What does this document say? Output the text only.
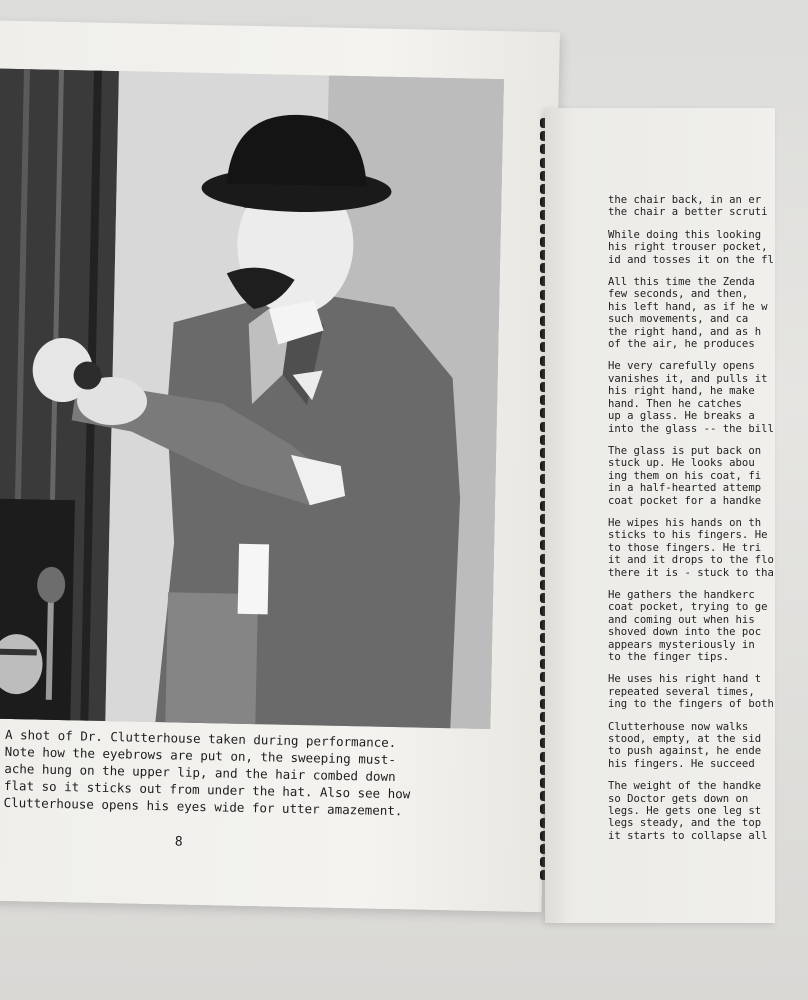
A shot of Dr. Clutterhouse taken during performance.
Note how the eyebrows are put on, the sweeping must-
ache hung on the upper lip, and the hair combed down
flat so it sticks out from under the hat. Also see how
Clutterhouse opens his eyes wide for utter amazement.
8
the chair back, in an er
the chair a better scruti
While doing this looking
his right trouser pocket,
id and tosses it on the fl
All this time the Zenda
few seconds, and then,
his left hand, as if he w
such movements, and ca
the right hand, and as h
of the air, he produces
He very carefully opens
vanishes it, and pulls it
his right hand, he make
hand. Then he catches
up a glass. He breaks a
into the glass -- the bill
The glass is put back on
stuck up. He looks abou
ing them on his coat, fi
in a half-hearted attemp
coat pocket for a handke
He wipes his hands on th
sticks to his fingers. He
to those fingers. He tri
it and it drops to the flo
there it is - stuck to tha
He gathers the handkerc
coat pocket, trying to ge
and coming out when his
shoved down into the poc
appears mysteriously in
to the finger tips.
He uses his right hand t
repeated several times,
ing to the fingers of both
Clutterhouse now walks
stood, empty, at the sid
to push against, he ende
his fingers. He succeed
The weight of the handke
so Doctor gets down on
legs. He gets one leg st
legs steady, and the top
it starts to collapse all
